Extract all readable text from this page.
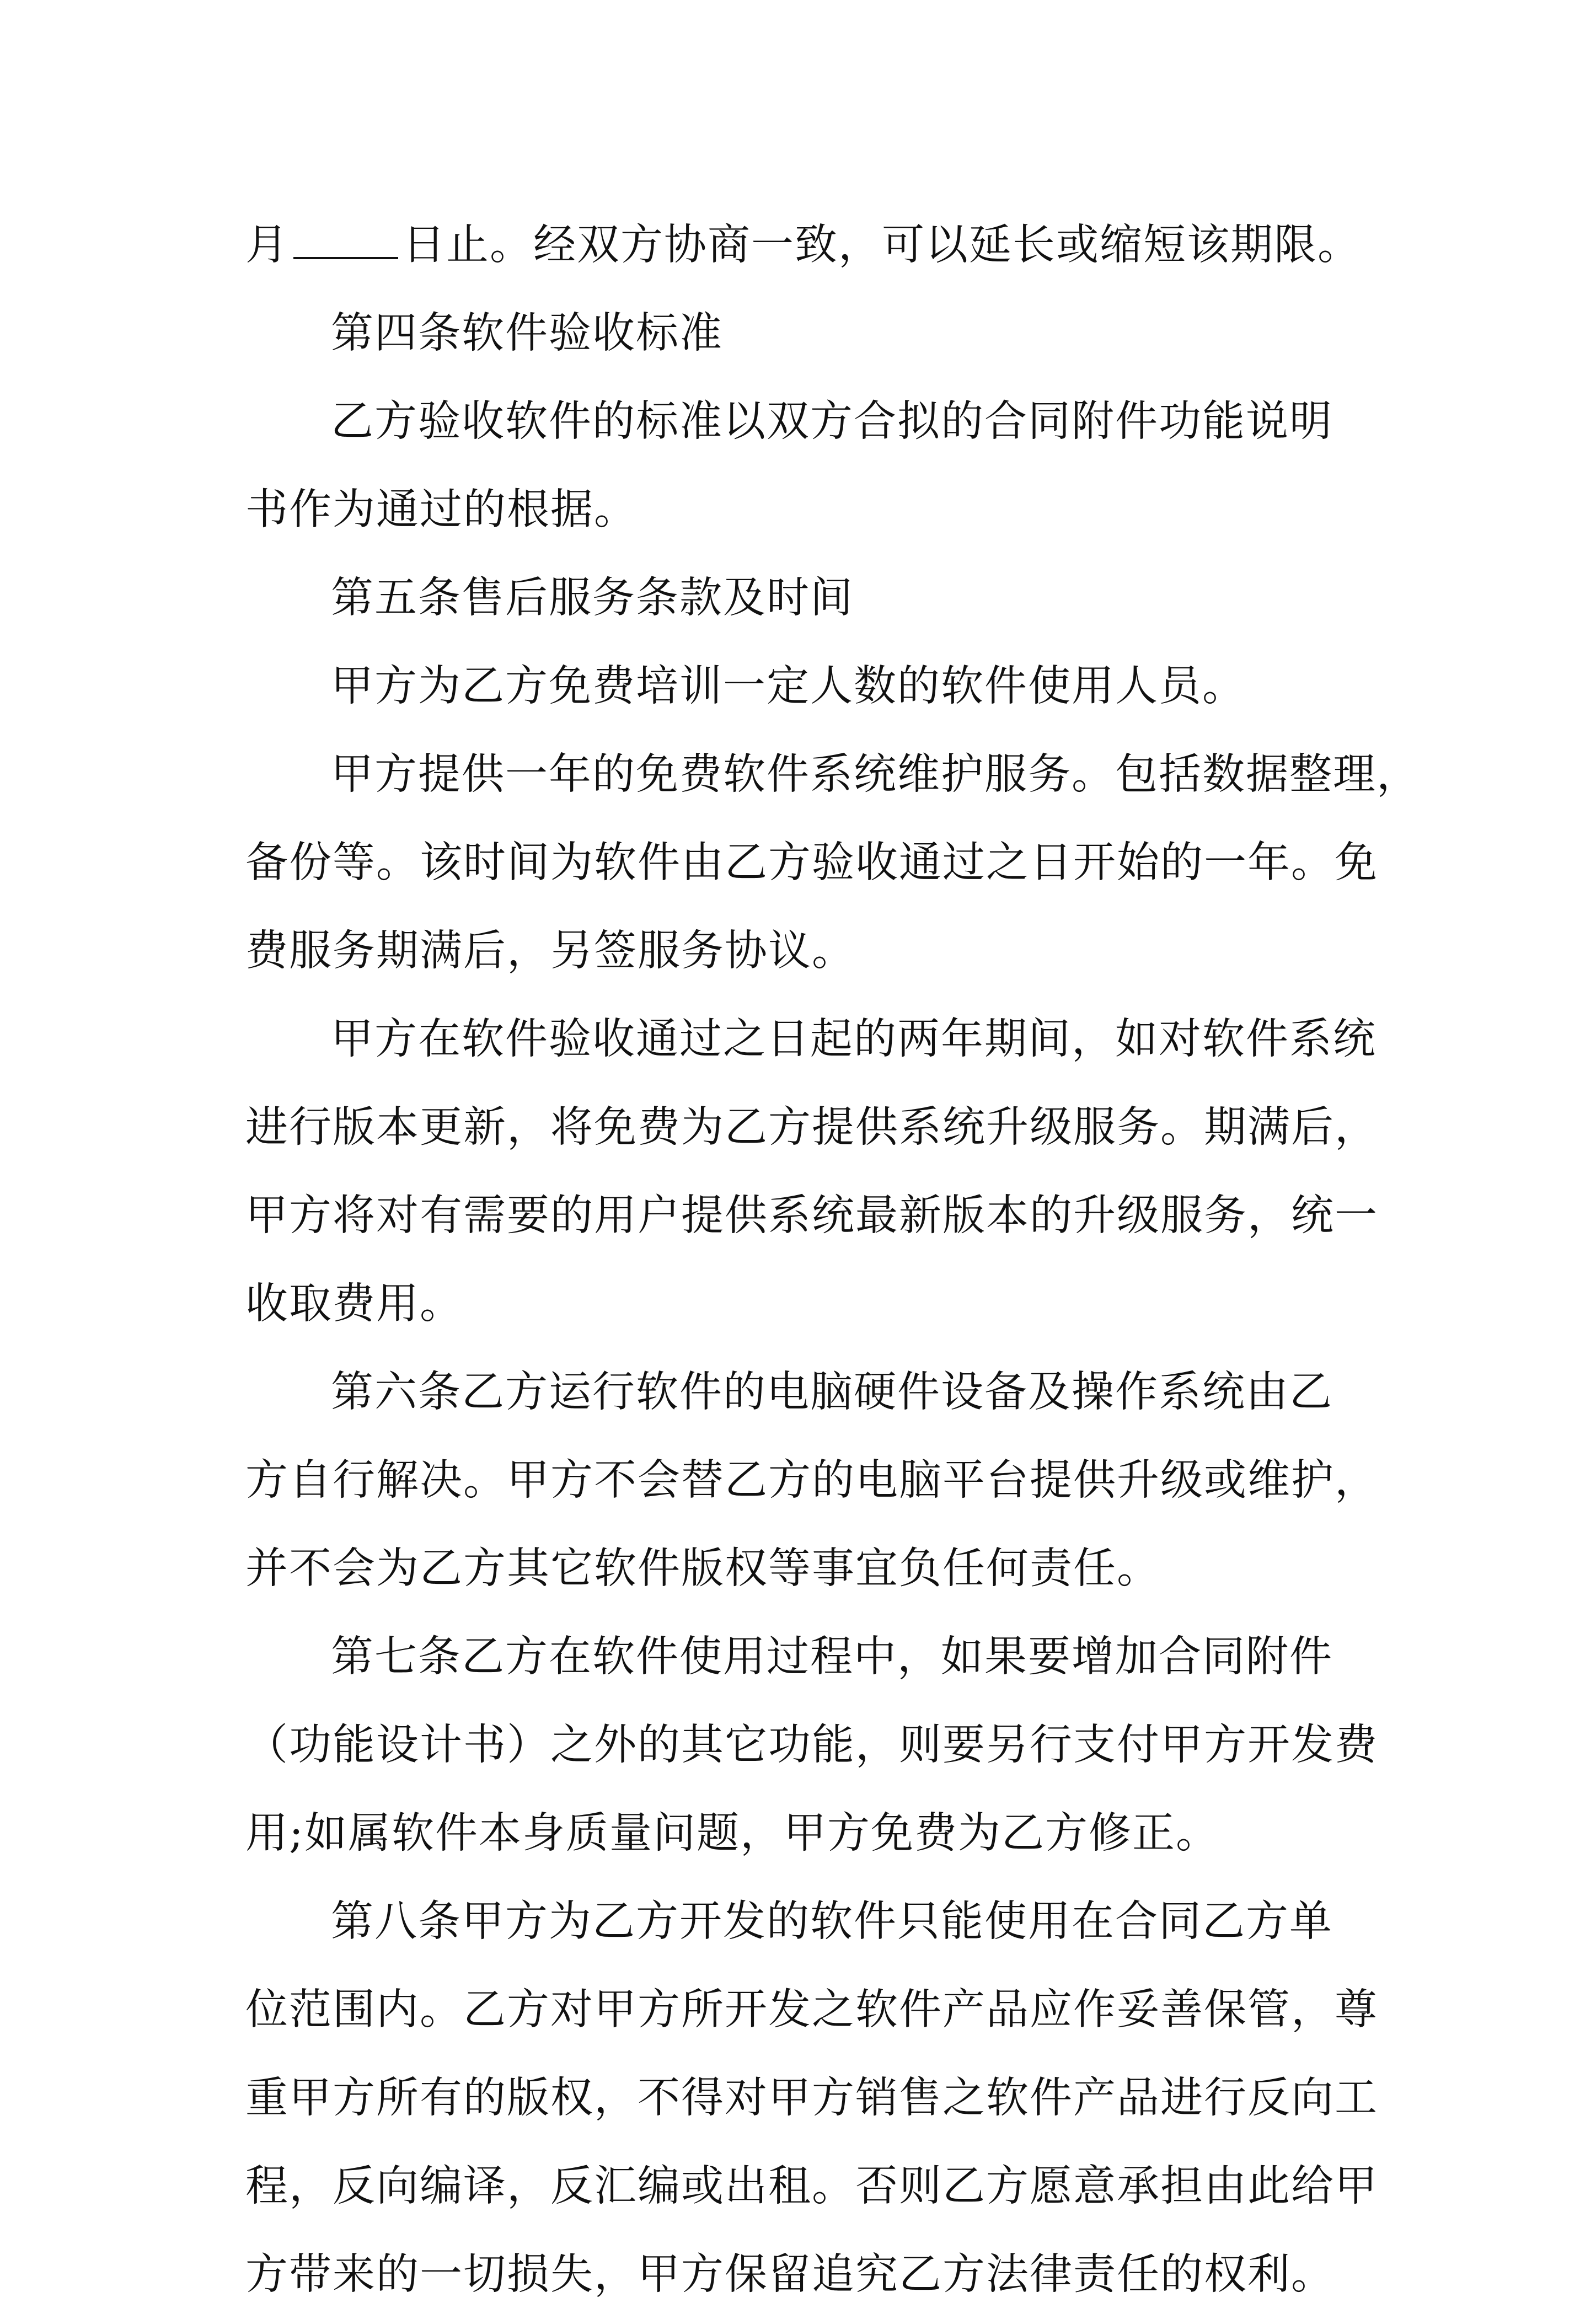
月	日止。经双方协商一致，可以延长或缩短该期限。
第四条软件验收标准
乙方验收软件的标准以双方合拟的合同附件功能说明
书作为通过的根据。
第五条售后服务条款及时间
甲方为乙方免费培训一定人数的软件使用人员。
甲方提供一年的免费软件系统维护服务。包括数据整理，
备份等。该时间为软件由乙方验收通过之日开始的一年。免
费服务期满后，另签服务协议。
甲方在软件验收通过之日起的两年期间，如对软件系统
进行版本更新，将免费为乙方提供系统升级服务。期满后，
甲方将对有需要的用户提供系统最新版本的升级服务，统一
收取费用。
第六条乙方运行软件的电脑硬件设备及操作系统由乙
方自行解决。甲方不会替乙方的电脑平台提供升级或维护，
并不会为乙方其它软件版权等事宜负任何责任。
第七条乙方在软件使用过程中，如果要增加合同附件
（功能设计书）之外的其它功能，则要另行支付甲方开发费
用;如属软件本身质量问题，甲方免费为乙方修正。
第八条甲方为乙方开发的软件只能使用在合同乙方单
位范围内。乙方对甲方所开发之软件产品应作妥善保管，尊
重甲方所有的版权，不得对甲方销售之软件产品进行反向工
程，反向编译，反汇编或出租。否则乙方愿意承担由此给甲
方带来的一切损失，甲方保留追究乙方法律责任的权利。
